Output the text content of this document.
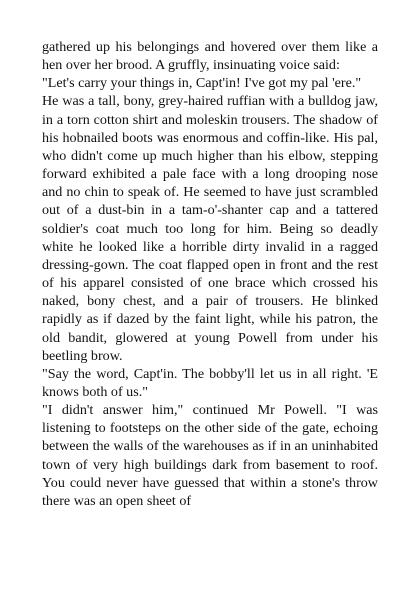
gathered up his belongings and hovered over them like a hen over her brood. A gruffly, insinuating voice said:

"Let's carry your things in, Capt'in! I've got my pal 'ere."

He was a tall, bony, grey-haired ruffian with a bulldog jaw, in a torn cotton shirt and moleskin trousers. The shadow of his hobnailed boots was enormous and coffin-like. His pal, who didn't come up much higher than his elbow, stepping forward exhibited a pale face with a long drooping nose and no chin to speak of. He seemed to have just scrambled out of a dust-bin in a tam-o'-shanter cap and a tattered soldier's coat much too long for him. Being so deadly white he looked like a horrible dirty invalid in a ragged dressing-gown. The coat flapped open in front and the rest of his apparel consisted of one brace which crossed his naked, bony chest, and a pair of trousers. He blinked rapidly as if dazed by the faint light, while his patron, the old bandit, glowered at young Powell from under his beetling brow.

"Say the word, Capt'in. The bobby'll let us in all right. 'E knows both of us."

"I didn't answer him," continued Mr Powell. "I was listening to footsteps on the other side of the gate, echoing between the walls of the warehouses as if in an uninhabited town of very high buildings dark from basement to roof. You could never have guessed that within a stone's throw there was an open sheet of
